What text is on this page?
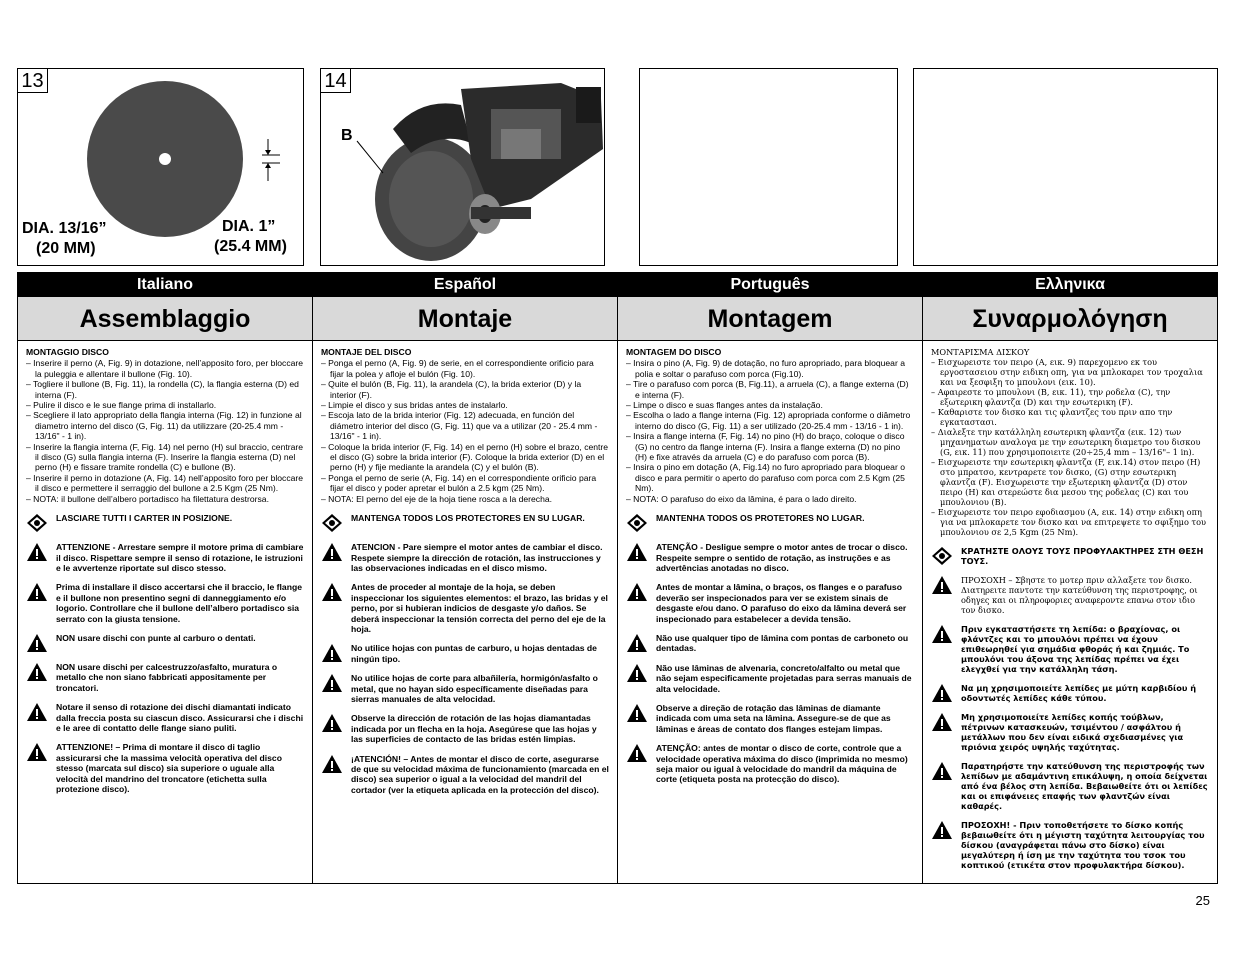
13
DIA. 13/16”
(20 MM)
DIA. 1”
(25.4 MM)
14
B
Italiano
Assemblaggio
MONTAGGIO DISCO
– Inserire il perno (A, Fig. 9) in dotazione, nell’apposito foro, per bloccare la puleggia e allentare il bullone (Fig. 10).
– Togliere il bullone (B, Fig. 11), la rondella (C), la flangia esterna (D) ed interna (F).
– Pulire il disco e le sue flange prima di installarlo.
– Scegliere il lato appropriato della flangia interna (Fig. 12) in funzione al diametro interno del disco (G, Fig. 11) da utilizzare (20-25.4 mm - 13/16" - 1 in).
– Inserire la flangia interna (F, Fig. 14) nel perno (H) sul braccio, centrare il disco (G) sulla flangia interna (F). Inserire la flangia esterna (D) nel perno (H) e fissare tramite rondella (C) e bullone (B).
– Inserire il perno in dotazione (A, Fig. 14) nell’apposito foro per bloccare il disco e permettere il serraggio del bullone a 2.5 Kgm (25 Nm).
– NOTA: il bullone dell’albero portadisco ha filettatura destrorsa.
LASCIARE TUTTI I CARTER IN POSIZIONE.
ATTENZIONE - Arrestare sempre il motore prima di cambiare il disco. Rispettare sempre il senso di rotazione, le istruzioni e le avvertenze riportate sul disco stesso.
Prima di installare il disco accertarsi che il braccio, le flange e il bullone non presentino segni di danneggiamento e/o logorio. Controllare che il bullone dell’albero portadisco sia serrato con la giusta tensione.
NON usare dischi con punte al carburo o dentati.
NON usare dischi per calcestruzzo/asfalto, muratura o metallo che non siano fabbricati appositamente per troncatori.
Notare il senso di rotazione dei dischi diamantati indicato dalla freccia posta su ciascun disco. Assicurarsi che i dischi e le aree di contatto delle flange siano puliti.
ATTENZIONE! – Prima di montare il disco di taglio assicurarsi che la massima velocità operativa del disco stesso (marcata sul disco) sia superiore o uguale alla velocità del mandrino del troncatore (etichetta sulla protezione disco).
Español
Montaje
MONTAJE DEL DISCO
– Ponga el perno (A, Fig. 9) de serie, en el correspondiente orificio para fijar la polea y afloje el bulón (Fig. 10).
– Quite el bulón (B, Fig. 11), la arandela (C), la brida exterior (D) y la interior (F).
– Limpie el disco y sus bridas antes de instalarlo.
– Escoja lato de la brida interior (Fig. 12) adecuada, en función del diámetro interior del disco (G, Fig. 11) que va a utilizar (20 - 25.4 mm - 13/16" - 1 in).
– Coloque la brida interior (F, Fig. 14) en el perno (H) sobre el brazo, centre el disco (G) sobre la brida interior (F). Coloque la brida exterior (D) en el perno (H) y fije mediante la arandela (C) y el bulón (B).
– Ponga el perno de serie (A, Fig. 14) en el correspondiente orificio para fijar el disco y poder apretar el bulón a 2.5 kgm (25 Nm).
– NOTA: El perno del eje de la hoja tiene rosca a la derecha.
MANTENGA TODOS LOS PROTECTORES EN SU LUGAR.
ATENCION - Pare siempre el motor antes de cambiar el disco. Respete siempre la dirección de rotación, las instrucciones y las observaciones indicadas en el disco mismo.
Antes de proceder al montaje de la hoja, se deben inspeccionar los siguientes elementos: el brazo, las bridas y el perno, por si hubieran indicios de desgaste y/o daños. Se deberá inspeccionar la tensión correcta del perno del eje de la hoja.
No utilice hojas con puntas de carburo, u hojas dentadas de ningún tipo.
No utilice hojas de corte para albañilería, hormigón/asfalto o metal, que no hayan sido específicamente diseñadas para sierras manuales de alta velocidad.
Observe la dirección de rotación de las hojas diamantadas indicada por un flecha en la hoja. Asegúrese que las hojas y las superficies de contacto de las bridas estén limpias.
¡ATENCIÓN! – Antes de montar el disco de corte, asegurarse de que su velocidad máxima de funcionamiento (marcada en el disco) sea superior o igual a la velocidad del mandril del cortador (ver la etiqueta aplicada en la protección del disco).
Português
Montagem
MONTAGEM DO DISCO
– Insira o pino (A, Fig. 9) de dotação, no furo apropriado, para bloquear a polia e soltar o parafuso com porca (Fig.10).
– Tire o parafuso com porca (B, Fig.11), a arruela (C), a flange externa (D) e interna (F).
– Limpe o disco e suas flanges antes da instalação.
– Escolha o lado a flange interna (Fig. 12) apropriada conforme o diâmetro interno do disco (G, Fig. 11) a ser utilizado (20-25.4 mm - 13/16 - 1 in).
– Insira a flange interna (F, Fig. 14) no pino (H) do braço, coloque o disco (G) no centro da flange interna (F). Insira a flange externa (D) no pino (H) e fixe através da arruela (C) e do parafuso com porca (B).
– Insira o pino em dotação (A, Fig.14) no furo apropriado para bloquear o disco e para permitir o aperto do parafuso com porca com 2.5 Kgm (25 Nm).
– NOTA: O parafuso do eixo da lâmina, é para o lado direito.
MANTENHA TODOS OS PROTETORES NO LUGAR.
ATENÇÃO - Desligue sempre o motor antes de trocar o disco. Respeite sempre o sentido de rotação, as instruções e as advertências anotadas no disco.
Antes de montar a lâmina, o braços, os flanges e o parafuso deverão ser inspecionados para ver se existem sinais de desgaste e/ou dano. O parafuso do eixo da lâmina deverá ser inspecionado para estabelecer a devida tensão.
Não use qualquer tipo de lâmina com pontas de carboneto ou dentadas.
Não use lâminas de alvenaria, concreto/alfalto ou metal que não sejam especificamente projetadas para serras manuais de alta velocidade.
Observe a direção de rotação das lâminas de diamante indicada com uma seta na lâmina. Assegure-se de que as lâminas e áreas de contato dos flanges estejam limpas.
ATENÇÃO: antes de montar o disco de corte, controle que a velocidade operativa máxima do disco (imprimida no mesmo) seja maior ou igual à velocidade do mandril da máquina de corte (etiqueta posta na protecção do disco).
Ελληνικα
Συναρμολόγηση
ΜΟΝΤΑΡΙΣΜΑ ΔΙΣΚΟΥ
– Εισχωρειστε τον πειρο (A, εικ. 9) παρεχομενο εκ του εργοστασειου στην ειδικη οπη, για να μπλοκαρει τον τροχαλια και να ξεσφιξη το μπουλονι (εικ. 10).
– Αφαιρεστε το μπουλονι (B, εικ. 11), την ροδελα (C), την εξωτερικη φλαντζα (D) και την εσωτερικη (F).
– Καθαριστε τον δισκο και τις φλαντζες του πριν απο την εγκαταστασι.
– Διαλεξτε την κατάλληλη εσωτερικη φλαντζα (εικ. 12) των μηχανηματων αναλογα με την εσωτερικη διαμετρο του δισκου (G, εικ. 11) που χρησιμοποιειτε (20÷25,4 mm – 13/16"– 1 in).
– Εισχωρειστε την εσωτερικη φλαντζα (F, εικ.14) στον πειρο (H) στο μπρατσο, κεντραρετε τον δισκο, (G) στην εσωτερικη φλαντζα (F). Εισχωρειστε την εξωτερικη φλαντζα (D) στον πειρο (H) και στερεώστε δια μεσου της ροδελας (C) και του μπουλονιου (B).
– Εισχωρειστε τον πειρο εφοδιασμου (A, εικ. 14) στην ειδικη οπη για να μπλοκαρετε τον δισκο και να επιτρεψετε το σφιξημο του μπουλονιου σε 2,5 Kgm (25 Nm).
ΚΡΑΤΗΣΤΕ ΟΛΟΥΣ ΤΟΥΣ ΠΡΟΦΥΛΑΚΤΗΡΕΣ ΣΤΗ ΘΕΣΗ ΤΟΥΣ.
ΠΡΟΣΟΧΗ – Σβηστε το μοτερ πριν αλλαξετε τον δισκο. Διατηρειτε παντοτε την κατεύθυνση της περιστροφης, οι οδηγες και οι πληροφοριες αναφεροντε επανω στον ιδιο τον δισκο.
Πριν εγκαταστήσετε τη λεπίδα: ο βραχίονας, οι φλάντζες και το μπουλόνι πρέπει να έχουν επιθεωρηθεί για σημάδια φθοράς ή και ζημιάς. Το μπουλόνι του άξονα της λεπίδας πρέπει να έχει ελεγχθεί για την κατάλληλη τάση.
Να μη χρησιμοποιείτε λεπίδες με μύτη καρβιδίου ή οδοντωτές λεπίδες κάθε τύπου.
Μη χρησιμοποιείτε λεπίδες κοπής τούβλων, πέτρινων κατασκευών, τσιμέντου / ασφάλτου ή μετάλλων που δεν είναι ειδικά σχεδιασμένες για πριόνια χειρός υψηλής ταχύτητας.
Παρατηρήστε την κατεύθυνση της περιστροφής των λεπίδων με αδαμάντινη επικάλυψη, η οποία δείχνεται από ένα βέλος στη λεπίδα. Βεβαιωθείτε ότι οι λεπίδες και οι επιφάνειες επαφής των φλαντζών είναι καθαρές.
ΠΡΟΣΟΧΗ! - Πριν τοποθετήσετε το δίσκο κοπής βεβαιωθείτε ότι η μέγιστη ταχύτητα λειτουργίας του δίσκου (αναγράφεται πάνω στο δίσκο) είναι μεγαλύτερη ή ίση με την ταχύτητα του τσοκ του κοπτικού (ετικέτα στον προφυλακτήρα δίσκου).
25
